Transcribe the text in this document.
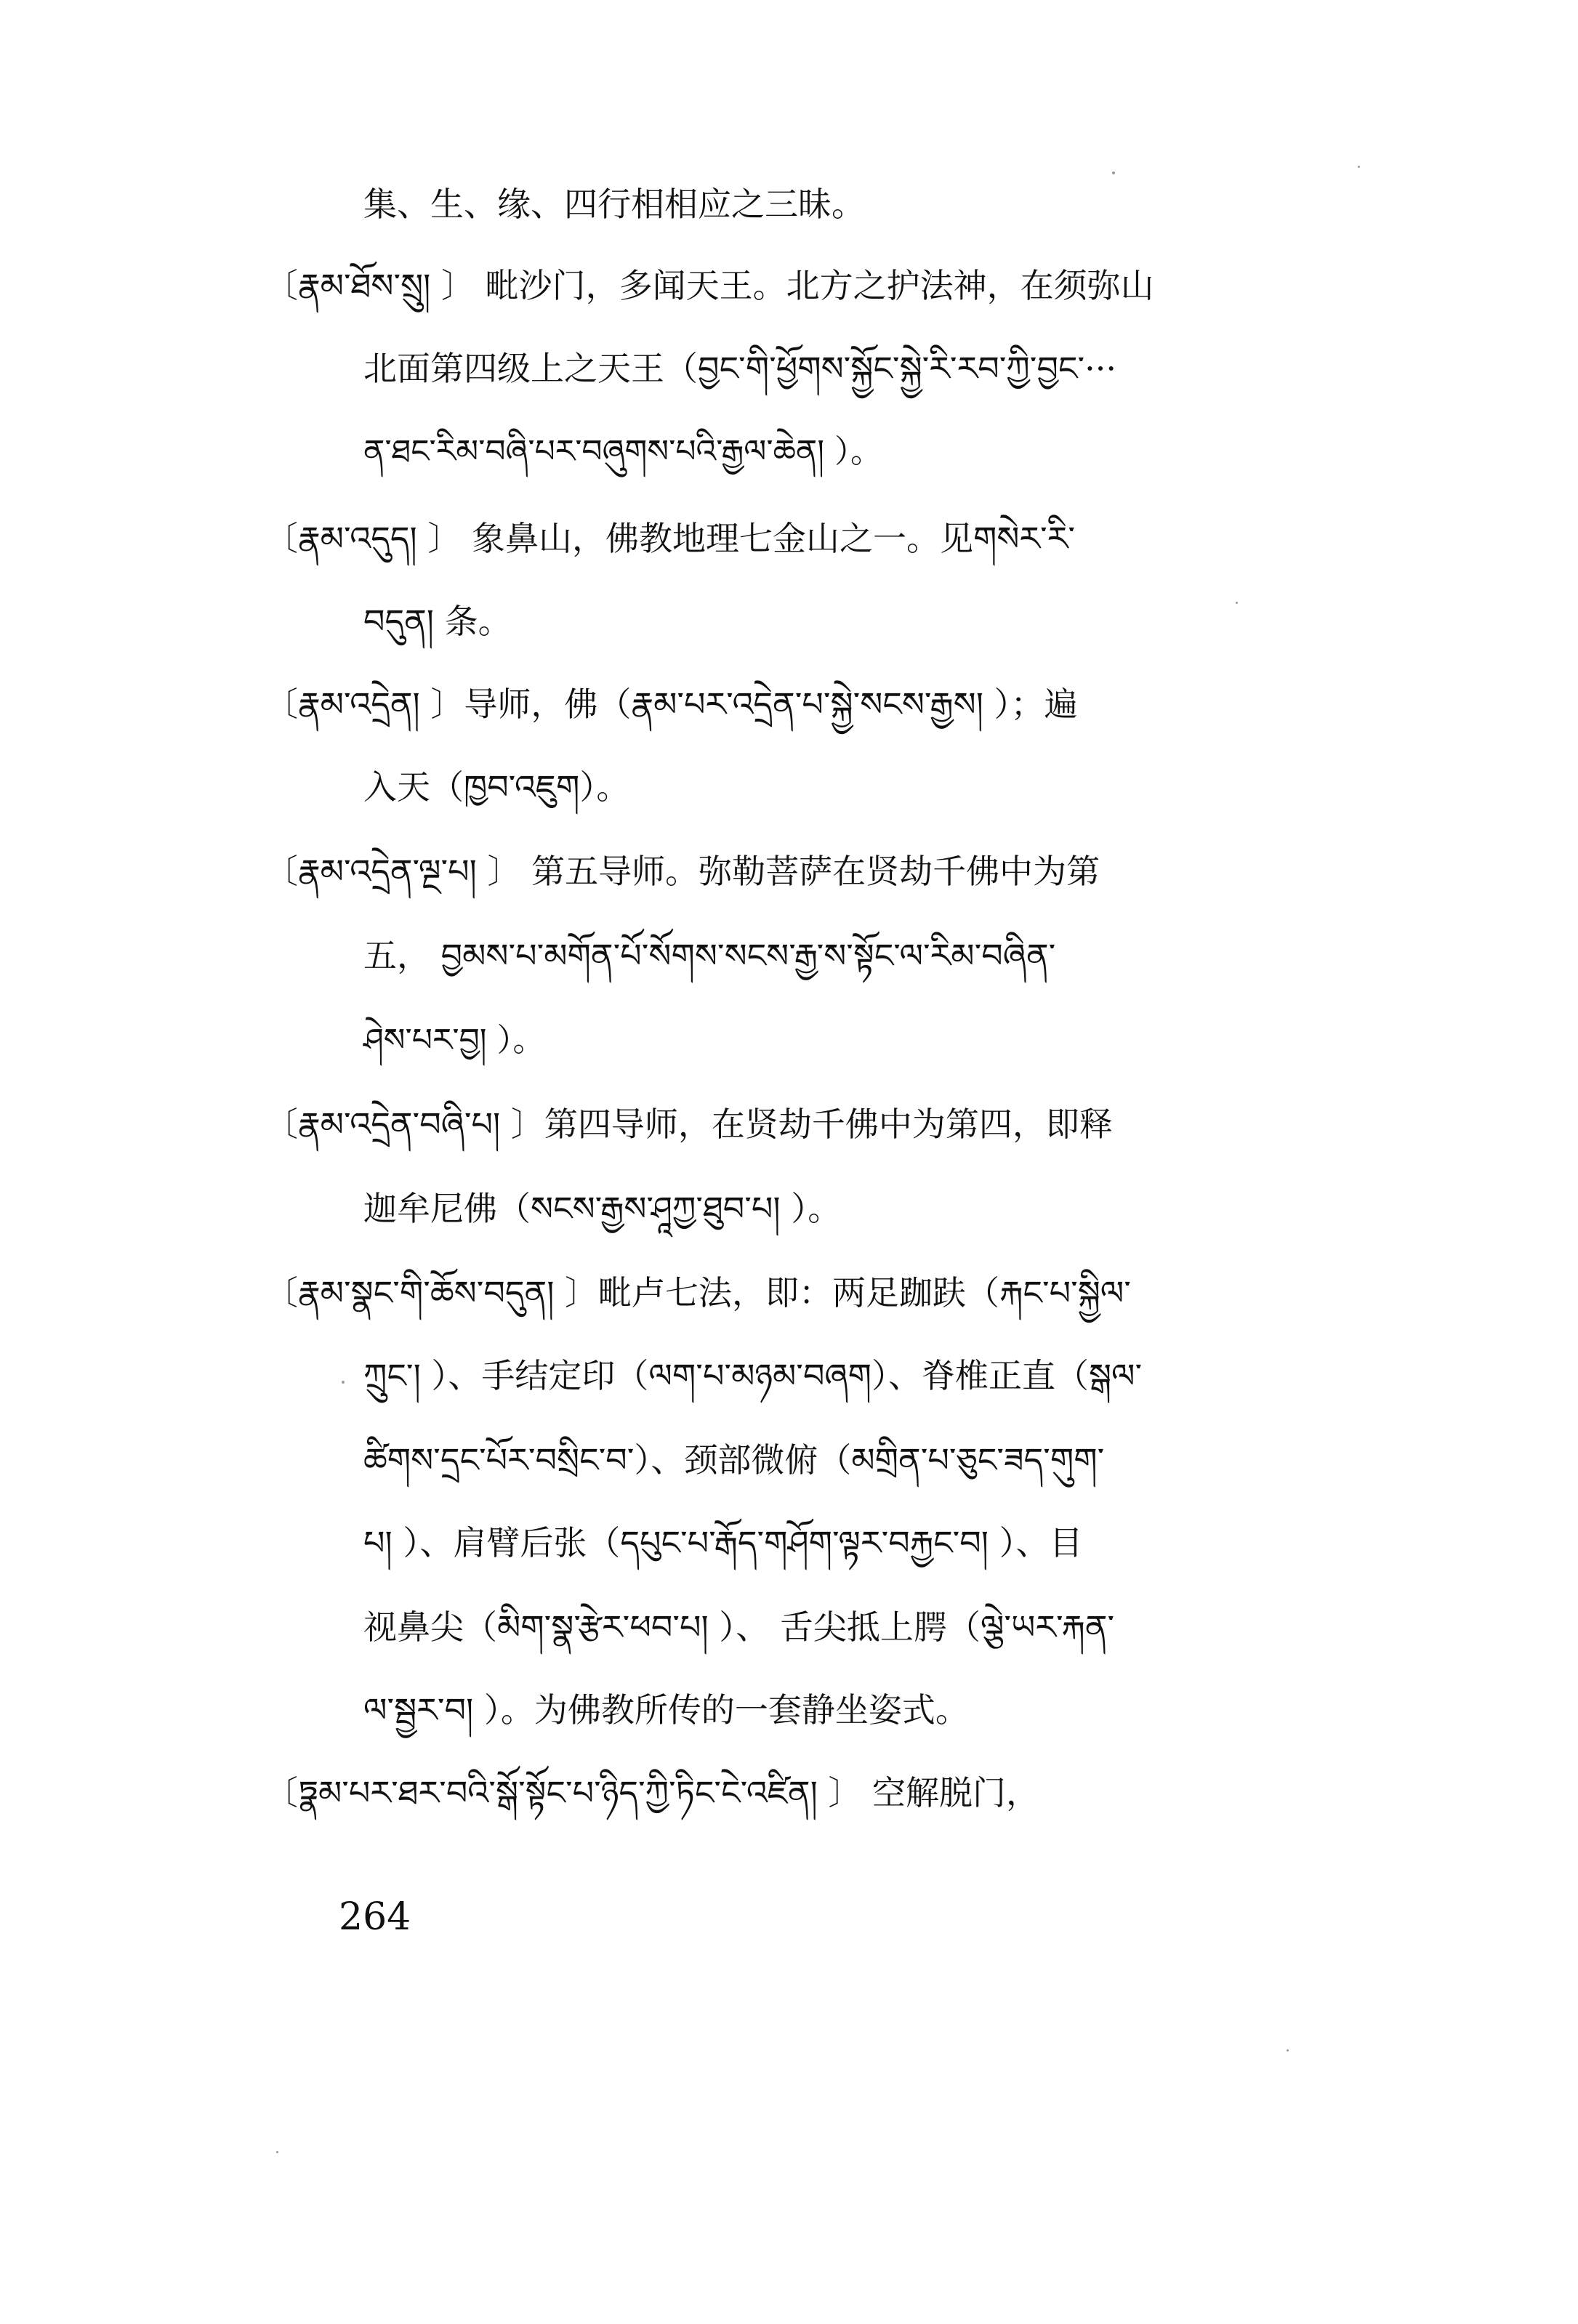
集、生、缘、四行相相应之三昧。
〔རྣམ་ཐོས་སྲུ། 〕 毗沙门，多闻天王。北方之护法神，在须弥山
北面第四级上之天王（བྱང་གི་ཕྱོགས་སྐྱོང་སྐྱེ་རི་རབ་ཀྱི་བྱང་···
ན་ཐང་རིམ་བཞི་པར་བཞུགས་པའི་རྒྱལ་ཆེན། ）。
〔རྣམ་འདུད། 〕 象鼻山，佛教地理七金山之一。见གསེར་རི་
བདུན། 条。
〔རྣམ་འདྲེན། 〕导师，佛（རྣམ་པར་འདྲེན་པ་སྐྱེ་སངས་རྒྱས། ）；遍
入天（ཁྱབ་འཇུག）。
〔རྣམ་འདྲེན་ལྔ་པ། 〕 第五导师。弥勒菩萨在贤劫千佛中为第
五， བྱམས་པ་མགོན་པོ་སོགས་སངས་རྒྱ་ས་སྟོང་ལ་རིམ་བཞིན་
ཤེས་པར་བྱ། ）。
〔རྣམ་འདྲེན་བཞི་པ། 〕第四导师，在贤劫千佛中为第四，即释
迦牟尼佛（སངས་རྒྱས་ཤཱཀྱ་ཐུབ་པ། ）。
〔རྣམ་སྣང་གི་ཆོས་བདུན། 〕毗卢七法，即：两足跏趺（རྐང་པ་སྐྱིལ་
ཀྲུང་། ）、手结定印（ལག་པ་མཉམ་བཞག）、脊椎正直（སྒལ་
ཚིགས་དྲང་པོར་བསྲིང་བ་）、颈部微俯（མགྲིན་པ་ཅུང་ཟད་གུག་
པ། ）、肩臂后张（དཔུང་པ་རྒོད་གཤོག་ལྟར་བརྐྱང་བ། ）、目
视鼻尖（མིག་སྣ་རྩེར་ཕབ་པ། ）、 舌尖抵上腭（ལྕེ་ཡར་རྐན་
ལ་སྦྱར་བ། ）。为佛教所传的一套静坐姿式。
〔ཏྣམ་པར་ཐར་བའི་སྒོ་སྟོང་པ་ཉིད་ཀྱི་ཏིང་ངེ་འཛིན། 〕 空解脱门，
264
